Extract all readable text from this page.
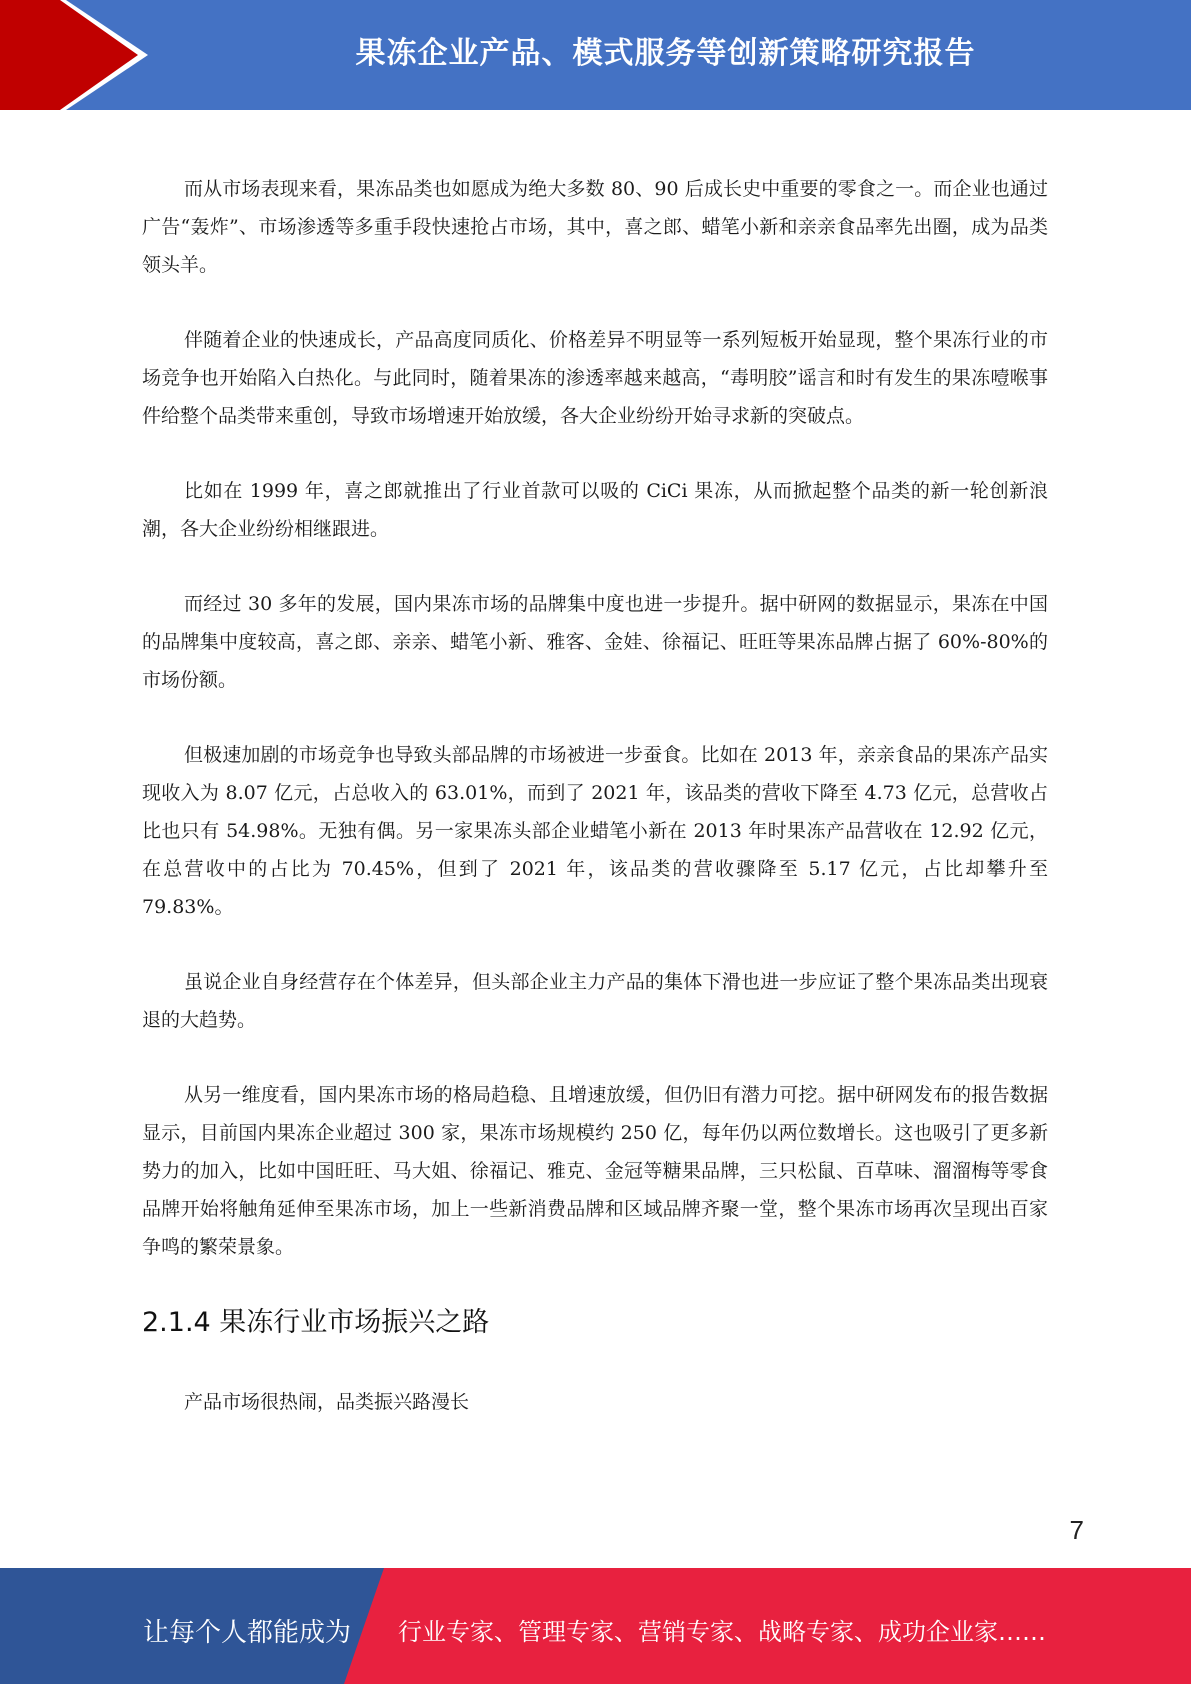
果冻企业产品、模式服务等创新策略研究报告

而从市场表现来看，果冻品类也如愿成为绝大多数 80、90 后成长史中重要的零食之一。而企业也通过广告“轰炸”、市场渗透等多重手段快速抢占市场，其中，喜之郎、蜡笔小新和亲亲食品率先出圈，成为品类领头羊。

伴随着企业的快速成长，产品高度同质化、价格差异不明显等一系列短板开始显现，整个果冻行业的市场竞争也开始陷入白热化。与此同时，随着果冻的渗透率越来越高，“毒明胶”谣言和时有发生的果冻噎喉事件给整个品类带来重创，导致市场增速开始放缓，各大企业纷纷开始寻求新的突破点。

比如在 1999 年，喜之郎就推出了行业首款可以吸的 CiCi 果冻，从而掀起整个品类的新一轮创新浪潮，各大企业纷纷相继跟进。

而经过 30 多年的发展，国内果冻市场的品牌集中度也进一步提升。据中研网的数据显示，果冻在中国的品牌集中度较高，喜之郎、亲亲、蜡笔小新、雅客、金娃、徐福记、旺旺等果冻品牌占据了 60%-80%的市场份额。

但极速加剧的市场竞争也导致头部品牌的市场被进一步蚕食。比如在 2013 年，亲亲食品的果冻产品实现收入为 8.07 亿元，占总收入的 63.01%，而到了 2021 年，该品类的营收下降至 4.73 亿元，总营收占比也只有 54.98%。无独有偶。另一家果冻头部企业蜡笔小新在 2013 年时果冻产品营收在 12.92 亿元，在总营收中的占比为 70.45%，但到了 2021 年，该品类的营收骤降至 5.17 亿元，占比却攀升至 79.83%。

虽说企业自身经营存在个体差异，但头部企业主力产品的集体下滑也进一步应证了整个果冻品类出现衰退的大趋势。

从另一维度看，国内果冻市场的格局趋稳、且增速放缓，但仍旧有潜力可挖。据中研网发布的报告数据显示，目前国内果冻企业超过 300 家，果冻市场规模约 250 亿，每年仍以两位数增长。这也吸引了更多新势力的加入，比如中国旺旺、马大姐、徐福记、雅克、金冠等糖果品牌，三只松鼠、百草味、溜溜梅等零食品牌开始将触角延伸至果冻市场，加上一些新消费品牌和区域品牌齐聚一堂，整个果冻市场再次呈现出百家争鸣的繁荣景象。

2.1.4 果冻行业市场振兴之路

产品市场很热闹，品类振兴路漫长

7
让每个人都能成为 行业专家、管理专家、营销专家、战略专家、成功企业家……
